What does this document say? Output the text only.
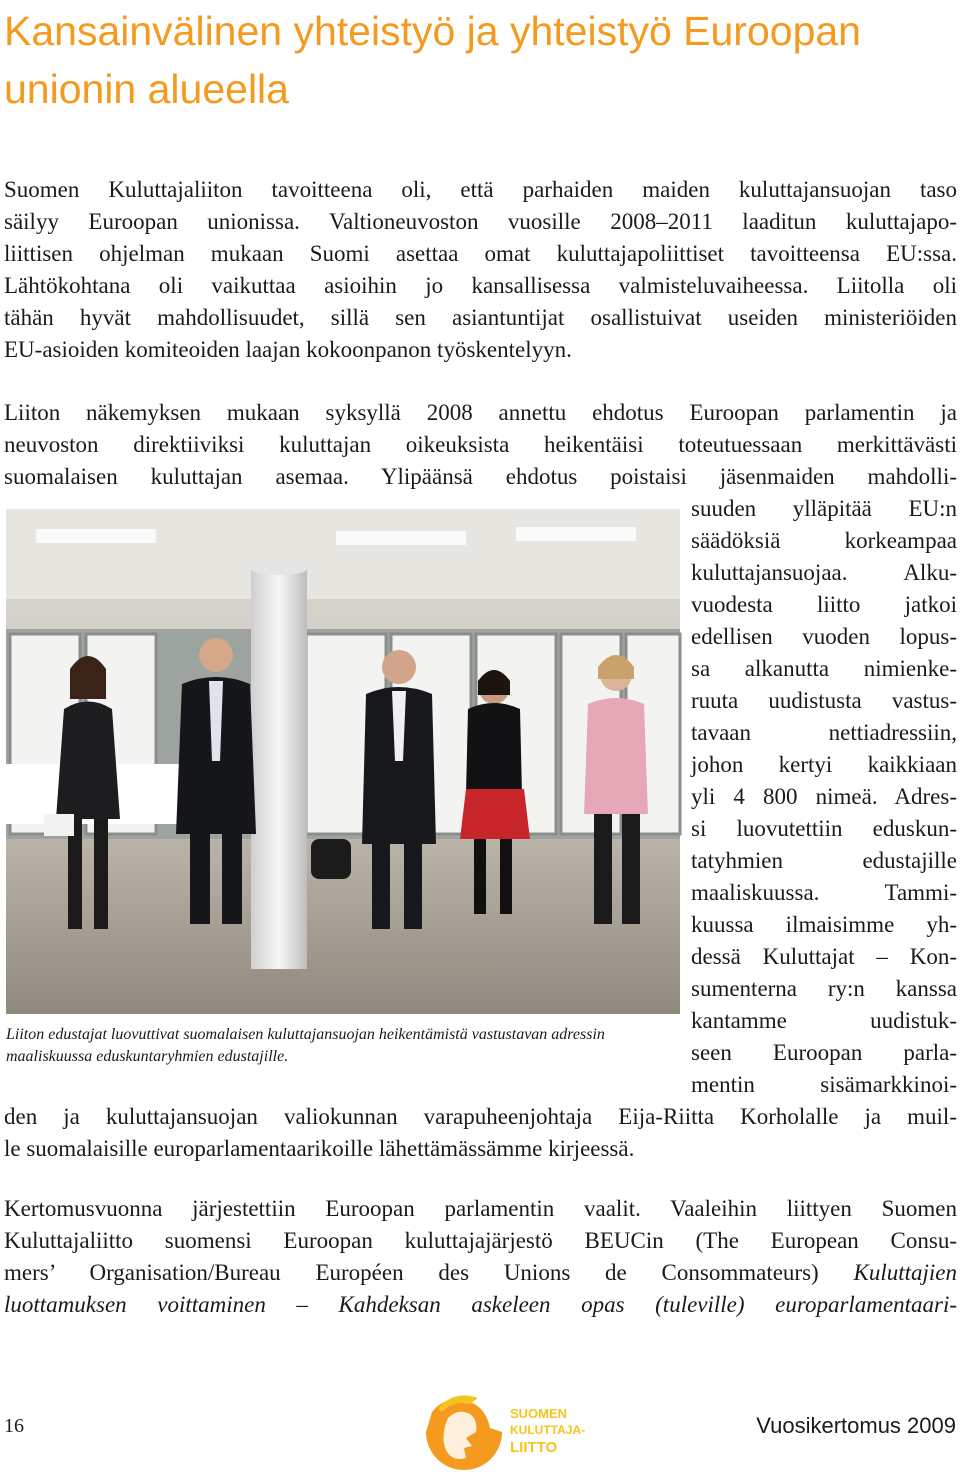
Kansainvälinen yhteistyö ja yhteistyö Euroopan unionin alueella

Suomen Kuluttajaliiton tavoitteena oli, että parhaiden maiden kuluttajansuojan taso
säilyy Euroopan unionissa. Valtioneuvoston vuosille 2008–2011 laaditun kuluttajapo-
liittisen ohjelman mukaan Suomi asettaa omat kuluttajapoliittiset tavoitteensa EU:ssa.
Lähtökohtana oli vaikuttaa asioihin jo kansallisessa valmisteluvaiheessa. Liitolla oli
tähän hyvät mahdollisuudet, sillä sen asiantuntijat osallistuivat useiden ministeriöiden
EU-asioiden komiteoiden laajan kokoonpanon työskentelyyn.

Liiton näkemyksen mukaan syksyllä 2008 annettu ehdotus Euroopan parlamentin ja
neuvoston direktiiviksi kuluttajan oikeuksista heikentäisi toteutuessaan merkittävästi
suomalaisen kuluttajan asemaa. Ylipäänsä ehdotus poistaisi jäsenmaiden mahdolli-

suuden ylläpitää EU:n
säädöksiä korkeampaa
kuluttajansuojaa. Alku-
vuodesta liitto jatkoi
edellisen vuoden lopus-
sa alkanutta nimienke-
ruuta uudistusta vastus-
tavaan nettiadressiin,
johon kertyi kaikkiaan
yli 4 800 nimeä. Adres-
si luovutettiin eduskun-
tatyhmien edustajille
maaliskuussa. Tammi-
kuussa ilmaisimme yh-
dessä Kuluttajat – Kon-
sumenterna ry:n kanssa
kantamme uudistuk-
seen Euroopan parla-
mentin sisämarkkinoi-

den ja kuluttajansuojan valiokunnan varapuheenjohtaja Eija-Riitta Korholalle ja muil-
le suomalaisille europarlamentaarikoille lähettämässämme kirjeessä.

Liiton edustajat luovuttivat suomalaisen kuluttajansuojan heikentämistä vastustavan adressin maaliskuussa eduskuntaryhmien edustajille.

Kertomusvuonna järjestettiin Euroopan parlamentin vaalit. Vaaleihin liittyen Suomen
Kuluttajaliitto suomensi Euroopan kuluttajajärjestö BEUCin (The European Consu-
mers’ Organisation/Bureau Européen des Unions de Consommateurs) Kuluttajien
luottamuksen voittaminen – Kahdeksan askeleen opas (tuleville) europarlamentaari-

16
SUOMEN
KULUTTAJA-
LIITTO
Vuosikertomus 2009
